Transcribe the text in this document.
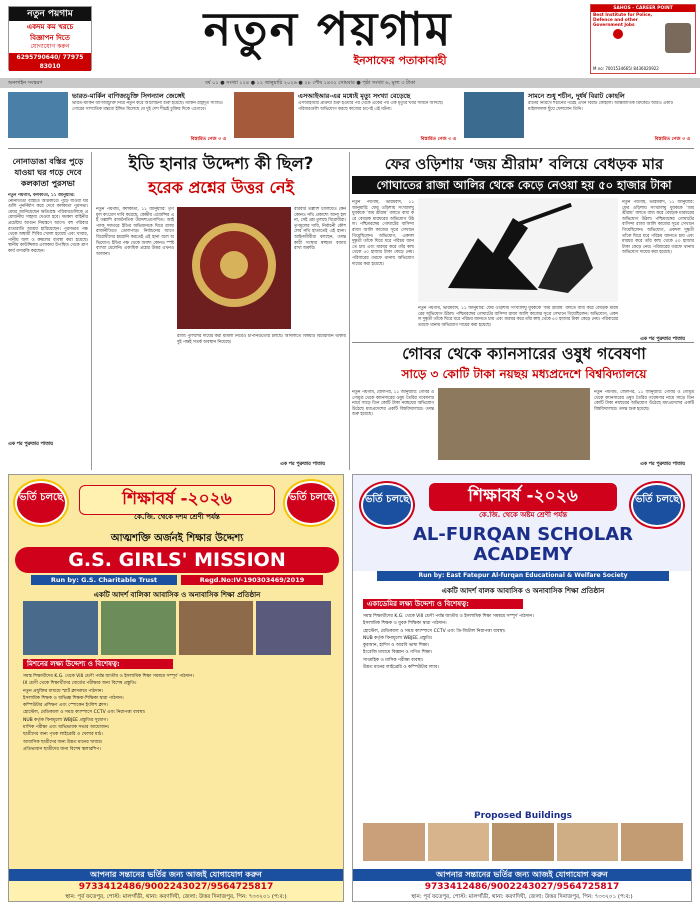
নতুন পয়গাম
একদম কম খরচে
বিজ্ঞাপন দিতে
যোগাযোগ করুন
6295790640/ 77975 83010
নতুন পয়গাম
ইনসাফের পতাকাবাহী
SAHOS - CAREER POINT
Best Institute for Police, Defence and other Government Jobs
M no: 7001534665/ 8436020922
অনলাইন সংস্করণ	বর্ষ ০১ ● সংখ্যা ১২৪ ● ১২ জানুয়ারি ২০২৬ ● ২৮ পৌষ ১৪৩২ সোমবার ● পৃষ্ঠা সংখ্যা ৬, মূল্য ৩ টাকা
ভারত-মার্কিন বাণিজ্যচুক্তি সিগন্যাল জেঙ্গেই
ভারত-মার্কিন বাণিজ্যচুক্তি নিয়ে নতুন করে আলোচনা শুরু হয়েছে। মার্কিন রাষ্ট্রদূত সার্জিও গোরের সাম্প্রতিক মন্তব্যে ইঙ্গিত মিলেছে যে দুই দেশ শীঘ্রই চুক্তির দিকে এগোবে।
বিস্তারিত পেজ ৩ এ
এসআইআর-এর মধ্যেই মৃত্যু সংখ্যা বেড়েছে
এসআইআর প্রক্রিয়া শুরু হওয়ার পর থেকে একের পর এক মৃত্যুর খবর সামনে আসছে। পরিবারগুলি অভিযোগ করছে কাজের চাপেই এই ঘটনা।
বিস্তারিত পেজ ৩ এ
সামনে শুধু শচীন, দুর্ধর্ষ বিরাট কোহলি
রানের নিরিখে শচীনের পরেই এখন বিরাট কোহলি। আন্তর্জাতিক ক্রিকেটে আরও একটি মাইলফলক ছুঁয়ে ফেললেন তিনি।
বিস্তারিত পেজ ৩ এ
নোনাডাঙা বস্তির পুড়ে যাওয়া ঘর গড়ে দেবে কলকাতা পুরসভা
নতুন পয়গাম, কলকাতা, ১১ জানুয়ারি:
নোনাডাঙা বস্তিতে অগ্নিকাণ্ডে পুড়ে যাওয়া ঘরগুলি পুনর্নির্মাণ করে দেবে কলকাতা পুরসভা। মেয়র জানিয়েছেন ক্ষতিগ্রস্ত পরিবারগুলিকে প্রয়োজনীয় সাহায্য দেওয়া হবে। দমকল বাহিনীর প্রচেষ্টায় আগুন নিয়ন্ত্রণে আসে। বহু পরিবার রাতারাতি আশ্রয় হারিয়েছেন। পুরসভার পক্ষ থেকে অস্থায়ী শিবির খোলা হয়েছে এবং খাবার, পানীয় জল ও কম্বলের ব্যবস্থা করা হয়েছে। স্থানীয় কাউন্সিলর এলাকায় উপস্থিত থেকে ত্রাণকার্য তদারকি করছেন।
এক পর পুরুতার পাতায়
ইডি হানার উদ্দেশ্য কী ছিল?
হরেক প্রশ্নের উত্তর নেই
নতুন পয়গাম, কলকাতা, ১১ জানুয়ারি: তৃণমূল কংগ্রেস দাবি করেছে, কেন্দ্রীয় এজেন্সির এই তল্লাশি রাজনৈতিক উদ্দেশ্যপ্রণোদিত। আইপ্যাক দফতরে ইডির অভিযানকে ঘিরে রাজ্য রাজনীতিতে তোলপাড়। নির্বাচনের আগে বিরোধীদের হয়রানি করতেই এই হানা বলে অভিযোগ। ইডির পক্ষ থেকে অবশ্য কোনও স্পষ্ট ব্যাখ্যা মেলেনি। একাধিক প্রশ্নের উত্তর এখনও অজানা।
বারবার তল্লাশি চালিয়েও কেন কোনও নথি প্রকাশ্যে আনা হল না, সেই প্রশ্ন তুলছে বিরোধীরা। তৃণমূলের দাবি, নির্বাচনী কৌশলের নথি হাতাতেই এই হানা। আইনজীবীরা বলছেন, তদন্তকারী সংস্থার স্বচ্ছতা বজায় রাখা জরুরি।
রাজ্য পুলিশের দায়ের করা মামলা নিয়েও চাপানউতোর চলছে। আদালতে বিষয়টি বিচারাধীন থাকায় দুই পক্ষই সতর্ক অবস্থান নিয়েছে।
এক পর পুরুতার পাতায়
ফের ওড়িশায় ‘জয় শ্রীরাম’ বলিয়ে বেধড়ক মার
গোঘাতের রাজা আলির থেকে কেড়ে নেওয়া হয় ৫০ হাজার টাকা
নতুন পয়গাম, ভারমবাদ, ১১ জানুয়ারি: ফের ওড়িশায় সংখ্যালঘু যুবককে ‘জয় শ্রীরাম’ বলতে বাধ্য করে বেধড়ক মারধরের অভিযোগ উঠল। পশ্চিমবঙ্গের গোঘাটের বাসিন্দা রাজা আলি কাজের সূত্রে সেখানে গিয়েছিলেন। অভিযোগ, একদল দুষ্কৃতী তাঁকে ঘিরে ধরে পরিচয় জানতে চায় এবং মারধর করে তাঁর কাছ থেকে ৫০ হাজার টাকা কেড়ে নেয়। পরিবারের তরফে থানায় অভিযোগ দায়ের করা হয়েছে।
নতুন পয়গাম, ভারমবাদ, ১১ জানুয়ারি: ফের ওড়িশায় সংখ্যালঘু যুবককে ‘জয় শ্রীরাম’ বলতে বাধ্য করে বেধড়ক মারধরের অভিযোগ উঠল। পশ্চিমবঙ্গের গোঘাটের বাসিন্দা রাজা আলি কাজের সূত্রে সেখানে গিয়েছিলেন। অভিযোগ, একদল দুষ্কৃতী তাঁকে ঘিরে ধরে পরিচয় জানতে চায় এবং মারধর করে তাঁর কাছ থেকে ৫০ হাজার টাকা কেড়ে নেয়। পরিবারের তরফে থানায় অভিযোগ দায়ের করা হয়েছে।
নতুন পয়গাম, ভারমবাদ, ১১ জানুয়ারি: ফের ওড়িশায় সংখ্যালঘু যুবককে ‘জয় শ্রীরাম’ বলতে বাধ্য করে বেধড়ক মারধরের অভিযোগ উঠল। পশ্চিমবঙ্গের গোঘাটের বাসিন্দা রাজা আলি কাজের সূত্রে সেখানে গিয়েছিলেন। অভিযোগ, একদল দুষ্কৃতী তাঁকে ঘিরে ধরে পরিচয় জানতে চায় এবং মারধর করে তাঁর কাছ থেকে ৫০ হাজার টাকা কেড়ে নেয়। পরিবারের তরফে থানায় অভিযোগ দায়ের করা হয়েছে।
এক পর পুরুতার পাতায়
গোবর থেকে ক্যানসারের ওষুধ গবেষণা
সাড়ে ৩ কোটি টাকা নয়ছয় মধ্যপ্রদেশে বিশ্ববিদ্যালয়ে
নতুন পয়গাম, জেলপর, ১১ জানুয়ারি: গোবর ও গোমূত্র থেকে ক্যানসারের ওষুধ তৈরির গবেষণার নামে সাড়ে তিন কোটি টাকা নয়ছয়ের অভিযোগ উঠেছে মধ্যপ্রদেশের একটি বিশ্ববিদ্যালয়ে। তদন্ত শুরু হয়েছে।
নতুন পয়গাম, জেলপর, ১১ জানুয়ারি: গোবর ও গোমূত্র থেকে ক্যানসারের ওষুধ তৈরির গবেষণার নামে সাড়ে তিন কোটি টাকা নয়ছয়ের অভিযোগ উঠেছে মধ্যপ্রদেশের একটি বিশ্ববিদ্যালয়ে। তদন্ত শুরু হয়েছে।
এক পর পুরুতার পাতায়
ভর্তি চলছে	ভর্তি চলছে
শিক্ষাবর্ষ -২০২৬
কে.জি. থেকে দশম শ্রেণী পর্যন্ত
আত্মশক্তি অর্জনই শিক্ষার উদ্দেশ্য
G.S. GIRLS' MISSION
Run by: G.S. Charitable Trust	Regd.No:IV-190303469/2019
একটি আদর্শ বালিকা আবাসিক ও অনাবাসিক শিক্ষা প্রতিষ্ঠান
মিশনের লক্ষ্য উদ্দেশ্য ও বিশেষত্ব:
সমস্ত শিক্ষার্থীদের K.G. থেকে VIII শ্রেণী পর্যন্ত জাতীয় ও ইসলামিক শিক্ষা সমন্বয়ে সম্পূর্ণ পাঠদান।
IX শ্রেণী থেকে শিক্ষার্থীদের বোর্ডের পরীক্ষার জন্য বিশেষ প্রস্তুতি।
নতুন প্রযুক্তির মাধ্যমে স্মার্ট ক্লাসরুমে পাঠদান।
ইসলামিক শিক্ষক ও অভিজ্ঞ শিক্ষক-শিক্ষিকা দ্বারা পাঠদান।
কম্পিউটার প্রশিক্ষণ এবং স্পোকেন ইংলিশ ক্লাস।
হোস্টেল, মেডিক্যাল ও সমগ্র ক্যাম্পাসে CCTV এবং নিরাপত্তা ব্যবস্থা।
NUB কর্তৃক বিনামূল্যে WBJEE প্রস্তুতির সুযোগ।
মাসিক পরীক্ষা এবং অভিভাবক সভার আয়োজন।
ছাত্রীদের জন্য পৃথক লাইব্রেরি ও খেলার মাঠ।
আবাসিক ছাত্রীদের জন্য উন্নত মানের খাবার।
প্রতিভাবান ছাত্রীদের জন্য বিশেষ স্কলারশিপ।
আপনার সন্তানের ভর্তির জন্য আজই যোগাযোগ করুন
9733412486/9002243027/9564725817
স্থান: পূর্ব ফতেপুর, পোস্ট: মালগাঁডী, থানা: করণদিঘী, জেলা: উত্তর দিনাজপুর, পিন: ৭৩৩২০১ (প:ব:)
ভর্তি চলছে	ভর্তি চলছে
শিক্ষাবর্ষ -২০২৬
কে.জি. থেকে অষ্টম শ্রেণী পর্যন্ত
AL-FURQAN SCHOLAR
ACADEMY
Run by: East Fatepur Al-furqan Educational & Welfare Society
একটি আদর্শ বালক আবাসিক ও অনাবাসিক শিক্ষা প্রতিষ্ঠান
একাডেমির লক্ষ্য উদ্দেশ্য ও বিশেষত্ব:
সমস্ত শিক্ষার্থীদের K.G. থেকে VIII শ্রেণী পর্যন্ত জাতীয় ও ইসলামিক শিক্ষা সমন্বয়ে সম্পূর্ণ পাঠদান।
ইসলামিক শিক্ষক ও যুবক শিক্ষিকা দ্বারা পাঠদান।
হোস্টেল, মেডিক্যাল ও সমগ্র ক্যাম্পাসে CCTV এবং ডি-জিটাল নিরাপত্তা ব্যবস্থা।
NUB কর্তৃক বিনামূল্যে WBJEE প্রস্তুতি।
কুরআন, হাদিস ও আরবি ভাষা শিক্ষা।
ইংরেজি মাধ্যমে বিজ্ঞান ও গণিত শিক্ষা।
সাপ্তাহিক ও মাসিক পরীক্ষা ব্যবস্থা।
উন্নত মানের লাইব্রেরি ও কম্পিউটার ল্যাব।
Proposed Buildings
আপনার সন্তানের ভর্তির জন্য আজই যোগাযোগ করুন
9733412486/9002243027/9564725817
স্থান: পূর্ব ফতেপুর, পোস্ট: মালগাঁডী, থানা: করণদিঘী, জেলা: উত্তর দিনাজপুর, পিন: ৭৩৩২০১ (প:ব:)
